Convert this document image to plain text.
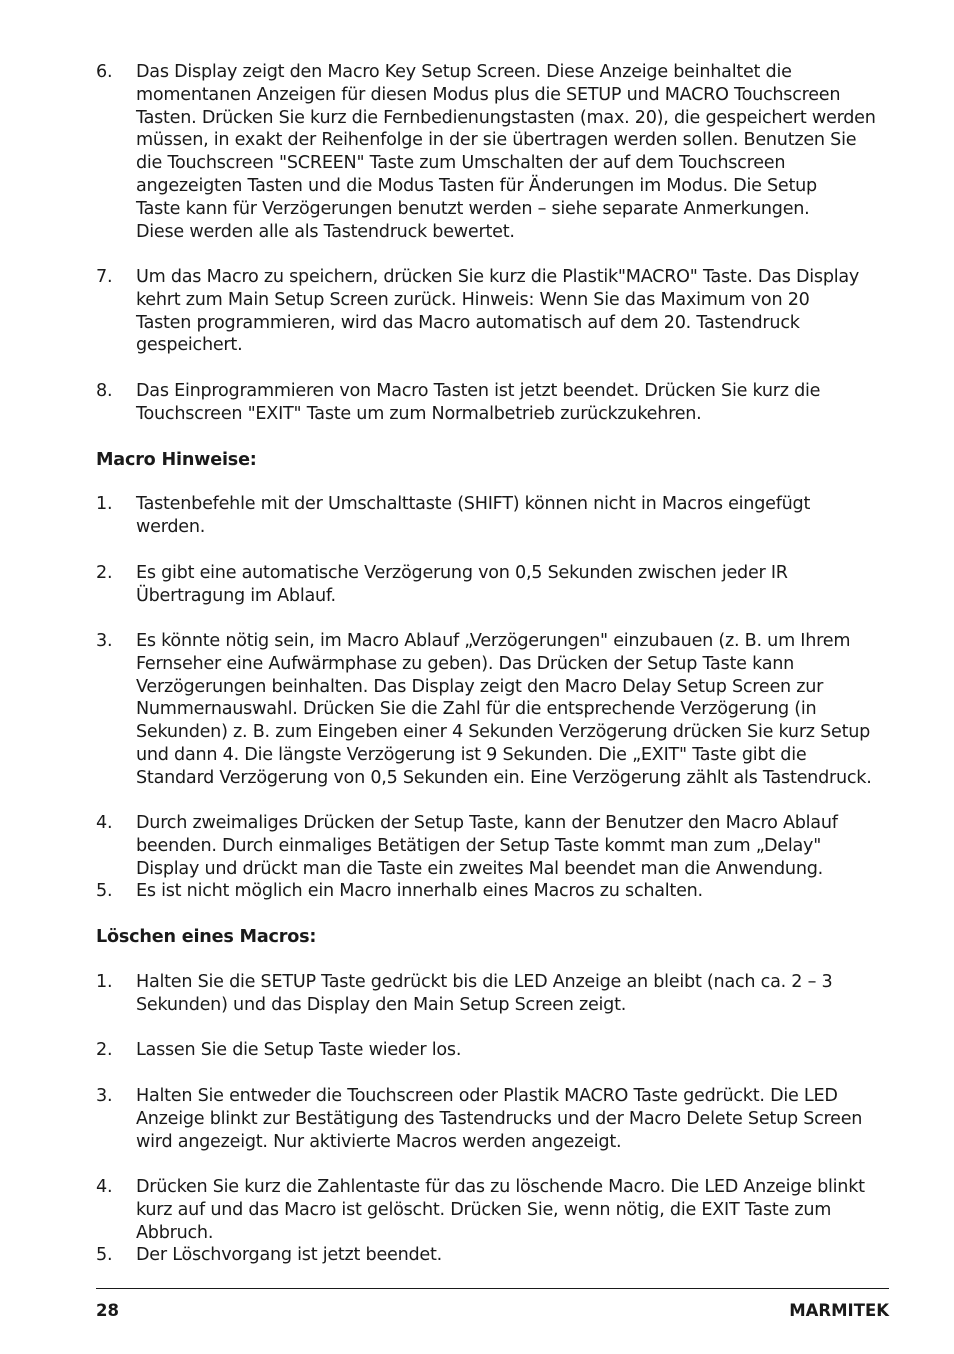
6.	Das Display zeigt den Macro Key Setup Screen. Diese Anzeige beinhaltet die
momentanen Anzeigen für diesen Modus plus die SETUP und MACRO Touchscreen
Tasten. Drücken Sie kurz die Fernbedienungstasten (max. 20), die gespeichert werden
müssen, in exakt der Reihenfolge in der sie übertragen werden sollen. Benutzen Sie
die Touchscreen "SCREEN" Taste zum Umschalten der auf dem Touchscreen
angezeigten Tasten und die Modus Tasten für Änderungen im Modus. Die Setup
Taste kann für Verzögerungen benutzt werden – siehe separate Anmerkungen.
Diese werden alle als Tastendruck bewertet.
7.	Um das Macro zu speichern, drücken Sie kurz die Plastik"MACRO" Taste. Das Display
kehrt zum Main Setup Screen zurück. Hinweis: Wenn Sie das Maximum von 20
Tasten programmieren, wird das Macro automatisch auf dem 20. Tastendruck
gespeichert.
8.	Das Einprogrammieren von Macro Tasten ist jetzt beendet. Drücken Sie kurz die
Touchscreen "EXIT" Taste um zum Normalbetrieb zurückzukehren.
Macro Hinweise:
1.	Tastenbefehle mit der Umschalttaste (SHIFT) können nicht in Macros eingefügt
werden.
2.	Es gibt eine automatische Verzögerung von 0,5 Sekunden zwischen jeder IR
Übertragung im Ablauf.
3.	Es könnte nötig sein, im Macro Ablauf „Verzögerungen" einzubauen (z. B. um Ihrem
Fernseher eine Aufwärmphase zu geben). Das Drücken der Setup Taste kann
Verzögerungen beinhalten. Das Display zeigt den Macro Delay Setup Screen zur
Nummernauswahl. Drücken Sie die Zahl für die entsprechende Verzögerung (in
Sekunden) z. B. zum Eingeben einer 4 Sekunden Verzögerung drücken Sie kurz Setup
und dann 4. Die längste Verzögerung ist 9 Sekunden. Die „EXIT" Taste gibt die
Standard Verzögerung von 0,5 Sekunden ein. Eine Verzögerung zählt als Tastendruck.
4.	Durch zweimaliges Drücken der Setup Taste, kann der Benutzer den Macro Ablauf
beenden. Durch einmaliges Betätigen der Setup Taste kommt man zum „Delay"
Display und drückt man die Taste ein zweites Mal beendet man die Anwendung.
5.	Es ist nicht möglich ein Macro innerhalb eines Macros zu schalten.
Löschen eines Macros:
1.	Halten Sie die SETUP Taste gedrückt bis die LED Anzeige an bleibt (nach ca. 2 – 3
Sekunden) und das Display den Main Setup Screen zeigt.
2.	Lassen Sie die Setup Taste wieder los.
3.	Halten Sie entweder die Touchscreen oder Plastik MACRO Taste gedrückt. Die LED
Anzeige blinkt zur Bestätigung des Tastendrucks und der Macro Delete Setup Screen
wird angezeigt. Nur aktivierte Macros werden angezeigt.
4.	Drücken Sie kurz die Zahlentaste für das zu löschende Macro. Die LED Anzeige blinkt
kurz auf und das Macro ist gelöscht. Drücken Sie, wenn nötig, die EXIT Taste zum
Abbruch.
5.	Der Löschvorgang ist jetzt beendet.
28	MARMITEK
